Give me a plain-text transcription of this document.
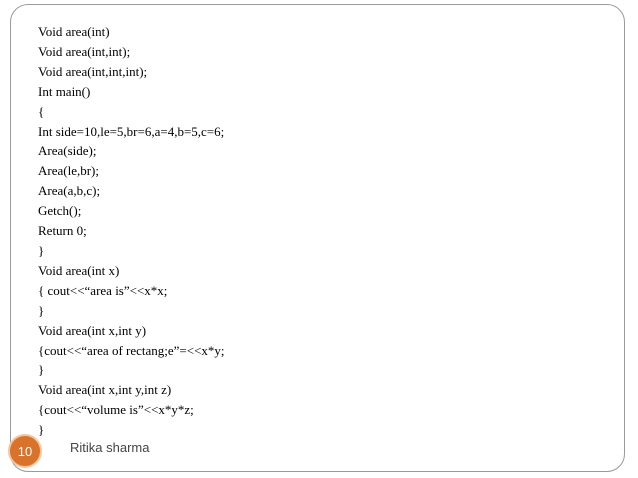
Void area(int)
Void area(int,int);
Void area(int,int,int);
Int main()
{
Int side=10,le=5,br=6,a=4,b=5,c=6;
Area(side);
Area(le,br);
Area(a,b,c);
Getch();
Return 0;
}
Void area(int x)
{ cout<<“area is”<<x*x;
}
Void area(int x,int y)
{cout<<“area of rectang;e”=<<x*y;
}
Void area(int x,int y,int z)
{cout<<“volume is”<<x*y*z;
}
10	Ritika sharma
